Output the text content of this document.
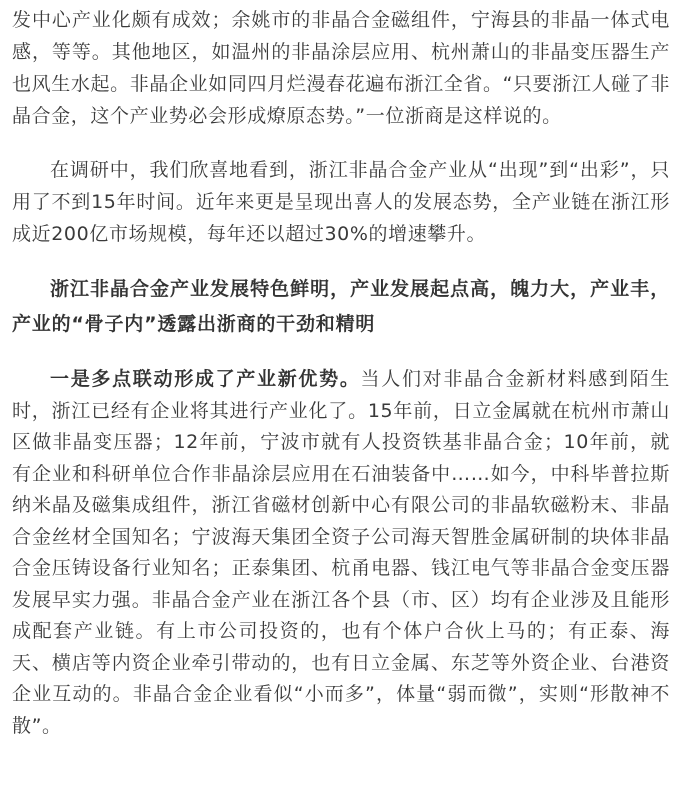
发中心产业化颇有成效；余姚市的非晶合金磁组件，宁海县的非晶一体式电感，等等。其他地区，如温州的非晶涂层应用、杭州萧山的非晶变压器生产也风生水起。非晶企业如同四月烂漫春花遍布浙江全省。“只要浙江人碰了非晶合金，这个产业势必会形成燎原态势。”一位浙商是这样说的。

在调研中，我们欣喜地看到，浙江非晶合金产业从“出现”到“出彩”，只用了不到15年时间。近年来更是呈现出喜人的发展态势，全产业链在浙江形成近200亿市场规模，每年还以超过30%的增速攀升。

浙江非晶合金产业发展特色鲜明，产业发展起点高，魄力大，产业丰，产业的“骨子内”透露出浙商的干劲和精明

一是多点联动形成了产业新优势。当人们对非晶合金新材料感到陌生时，浙江已经有企业将其进行产业化了。15年前，日立金属就在杭州市萧山区做非晶变压器；12年前，宁波市就有人投资铁基非晶合金；10年前，就有企业和科研单位合作非晶涂层应用在石油装备中……如今，中科毕普拉斯纳米晶及磁集成组件，浙江省磁材创新中心有限公司的非晶软磁粉末、非晶合金丝材全国知名；宁波海天集团全资子公司海天智胜金属研制的块体非晶合金压铸设备行业知名；正泰集团、杭甬电器、钱江电气等非晶合金变压器发展早实力强。非晶合金产业在浙江各个县（市、区）均有企业涉及且能形成配套产业链。有上市公司投资的，也有个体户合伙上马的；有正泰、海天、横店等内资企业牵引带动的，也有日立金属、东芝等外资企业、台港资企业互动的。非晶合金企业看似“小而多”，体量“弱而微”，实则“形散神不散”。
